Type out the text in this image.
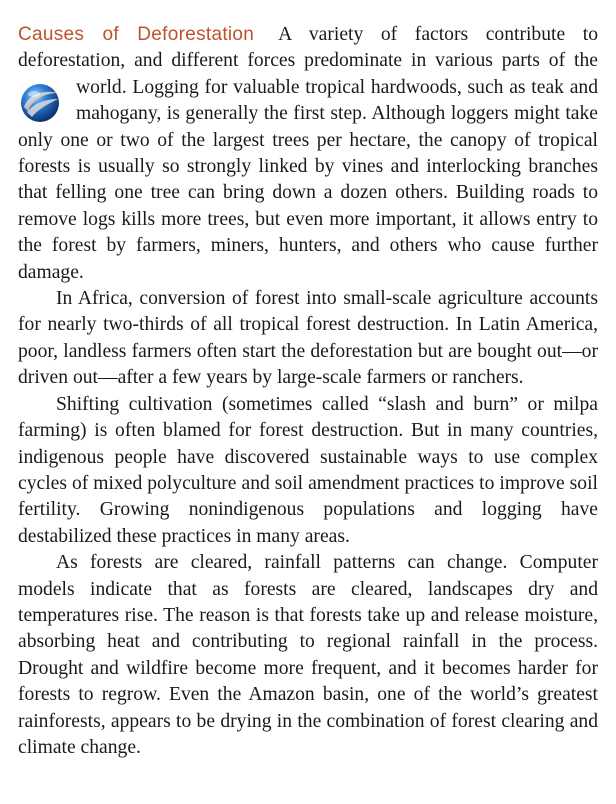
Causes of Deforestation A variety of factors contribute to deforestation, and different forces predominate in various parts of the world. Logging for valuable tropical hardwoods, such as teak
and mahogany, is generally the first step. Although loggers might take only one or two of the largest trees per hectare, the canopy of tropical forests is usually so strongly linked by vines and interlocking branches that felling one tree can bring down a dozen others. Building roads to remove logs kills more trees, but even more important, it allows entry to the forest by farmers, miners, hunters, and others who cause further damage.

In Africa, conversion of forest into small-scale agriculture accounts for nearly two-thirds of all tropical forest destruction. In Latin America, poor, landless farmers often start the deforestation but are bought out—or driven out—after a few years by large-scale farmers or ranchers.

Shifting cultivation (sometimes called “slash and burn” or milpa farming) is often blamed for forest destruction. But in many countries, indigenous people have discovered sustainable ways to use complex cycles of mixed polyculture and soil amendment practices to improve soil fertility. Growing nonindigenous populations and logging have destabilized these practices in many areas.

As forests are cleared, rainfall patterns can change. Computer models indicate that as forests are cleared, landscapes dry and temperatures rise. The reason is that forests take up and release moisture, absorbing heat and contributing to regional rainfall in the process. Drought and wildfire become more frequent, and it becomes harder for forests to regrow. Even the Amazon basin, one of the world’s greatest rainforests, appears to be drying in the combination of forest clearing and climate change.
